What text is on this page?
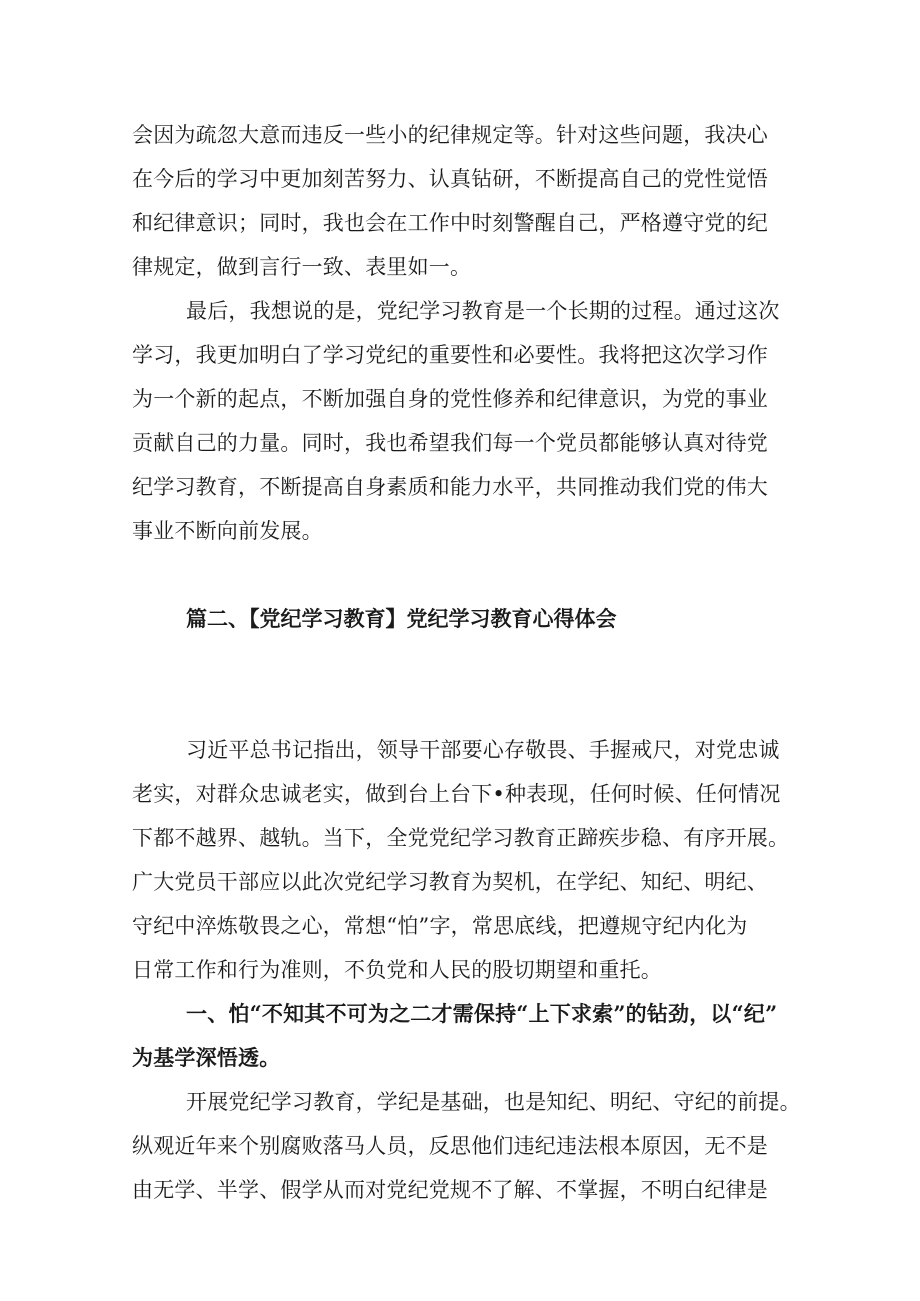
会因为疏忽大意而违反一些小的纪律规定等。针对这些问题，我决心
在今后的学习中更加刻苦努力、认真钻研，不断提高自己的党性觉悟
和纪律意识；同时，我也会在工作中时刻警醒自己，严格遵守党的纪
律规定，做到言行一致、表里如一。
最后，我想说的是，党纪学习教育是一个长期的过程。通过这次
学习，我更加明白了学习党纪的重要性和必要性。我将把这次学习作
为一个新的起点，不断加强自身的党性修养和纪律意识，为党的事业
贡献自己的力量。同时，我也希望我们每一个党员都能够认真对待党
纪学习教育，不断提高自身素质和能力水平，共同推动我们党的伟大
事业不断向前发展。
篇二、【党纪学习教育】党纪学习教育心得体会
习近平总书记指出，领导干部要心存敬畏、手握戒尺，对党忠诚
老实，对群众忠诚老实，做到台上台下•种表现，任何时候、任何情况
下都不越界、越轨。当下，全党党纪学习教育正蹄疾步稳、有序开展。
广大党员干部应以此次党纪学习教育为契机，在学纪、知纪、明纪、
守纪中淬炼敬畏之心，常想“怕”字，常思底线，把遵规守纪内化为
日常工作和行为准则，不负党和人民的股切期望和重托。
一、怕“不知其不可为之二才需保持“上下求索”的钻劲，以“纪”
为基学深悟透。
开展党纪学习教育，学纪是基础，也是知纪、明纪、守纪的前提。
纵观近年来个别腐败落马人员，反思他们违纪违法根本原因，无不是
由无学、半学、假学从而对党纪党规不了解、不掌握，不明白纪律是
